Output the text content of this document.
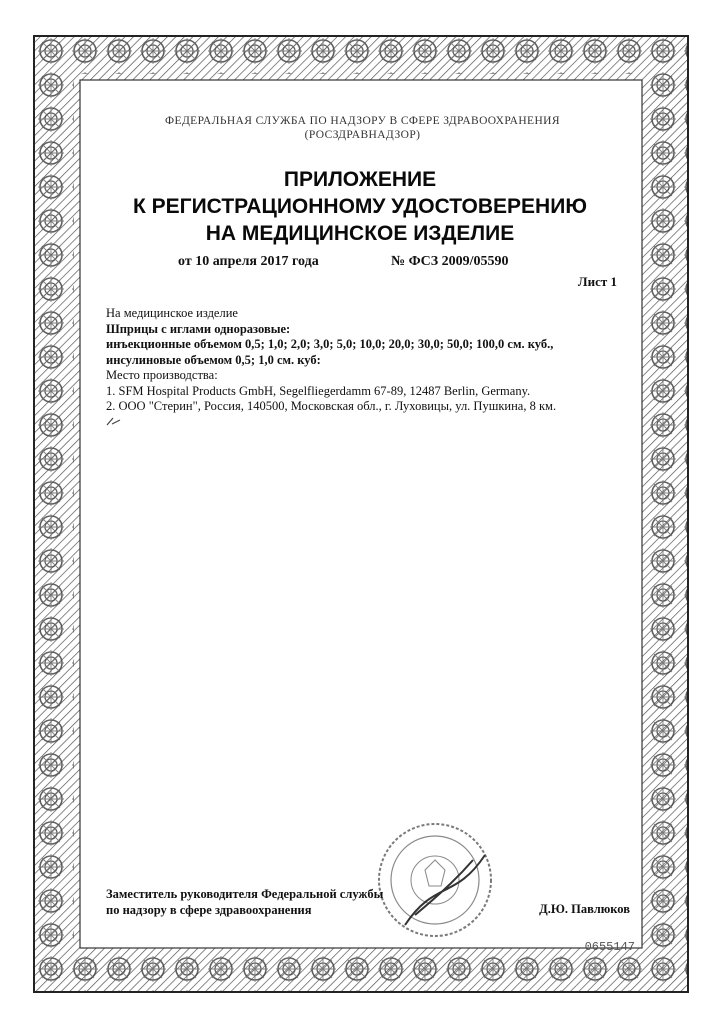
ФЕДЕРАЛЬНАЯ СЛУЖБА ПО НАДЗОРУ В СФЕРЕ ЗДРАВООХРАНЕНИЯ
(РОСЗДРАВНАДЗОР)
ПРИЛОЖЕНИЕ
К РЕГИСТРАЦИОННОМУ УДОСТОВЕРЕНИЮ
НА МЕДИЦИНСКОЕ ИЗДЕЛИЕ
от 10 апреля 2017 года	№ ФСЗ 2009/05590
Лист 1
На медицинское изделие
Шприцы с иглами одноразовые:
инъекционные объемом 0,5; 1,0; 2,0; 3,0; 5,0; 10,0; 20,0; 30,0; 50,0; 100,0 см. куб.,
инсулиновые объемом 0,5; 1,0 см. куб:
Место производства:
1. SFM Hospital Products GmbH, Segelfliegerdamm 67-89, 12487 Berlin, Germany.
2. ООО "Стерин", Россия, 140500, Московская обл., г. Луховицы, ул. Пушкина, 8 км.
Заместитель руководителя Федеральной службы
по надзору в сфере здравоохранения	Д.Ю. Павлюков
0655147
